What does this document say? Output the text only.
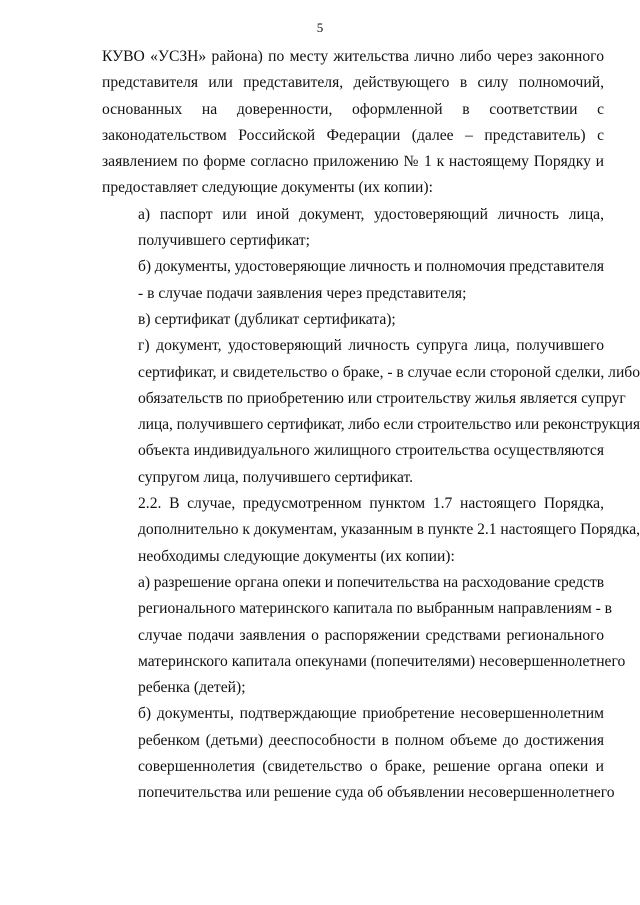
5

КУВО «УСЗН» района) по месту жительства лично либо через законного
представителя или представителя, действующего в силу полномочий,
основанных на доверенности, оформленной в соответствии с
законодательством Российской Федерации (далее – представитель) с
заявлением по форме согласно приложению № 1 к настоящему Порядку и
предоставляет следующие документы (их копии):

а) паспорт или иной документ, удостоверяющий личность лица,
получившего сертификат;

б) документы, удостоверяющие личность и полномочия представителя
- в случае подачи заявления через представителя;

в) сертификат (дубликат сертификата);

г) документ, удостоверяющий личность супруга лица, получившего
сертификат, и свидетельство о браке, - в случае если стороной сделки, либо
обязательств по приобретению или строительству жилья является супруг
лица, получившего сертификат, либо если строительство или реконструкция
объекта индивидуального жилищного строительства осуществляются
супругом лица, получившего сертификат.

2.2. В случае, предусмотренном пунктом 1.7 настоящего Порядка,
дополнительно к документам, указанным в пункте 2.1 настоящего Порядка,
необходимы следующие документы (их копии):

а) разрешение органа опеки и попечительства на расходование средств
регионального материнского капитала по выбранным направлениям - в
случае подачи заявления о распоряжении средствами регионального
материнского капитала опекунами (попечителями) несовершеннолетнего
ребенка (детей);

б) документы, подтверждающие приобретение несовершеннолетним
ребенком (детьми) дееспособности в полном объеме до достижения
совершеннолетия (свидетельство о браке, решение органа опеки и
попечительства или решение суда об объявлении несовершеннолетнего
